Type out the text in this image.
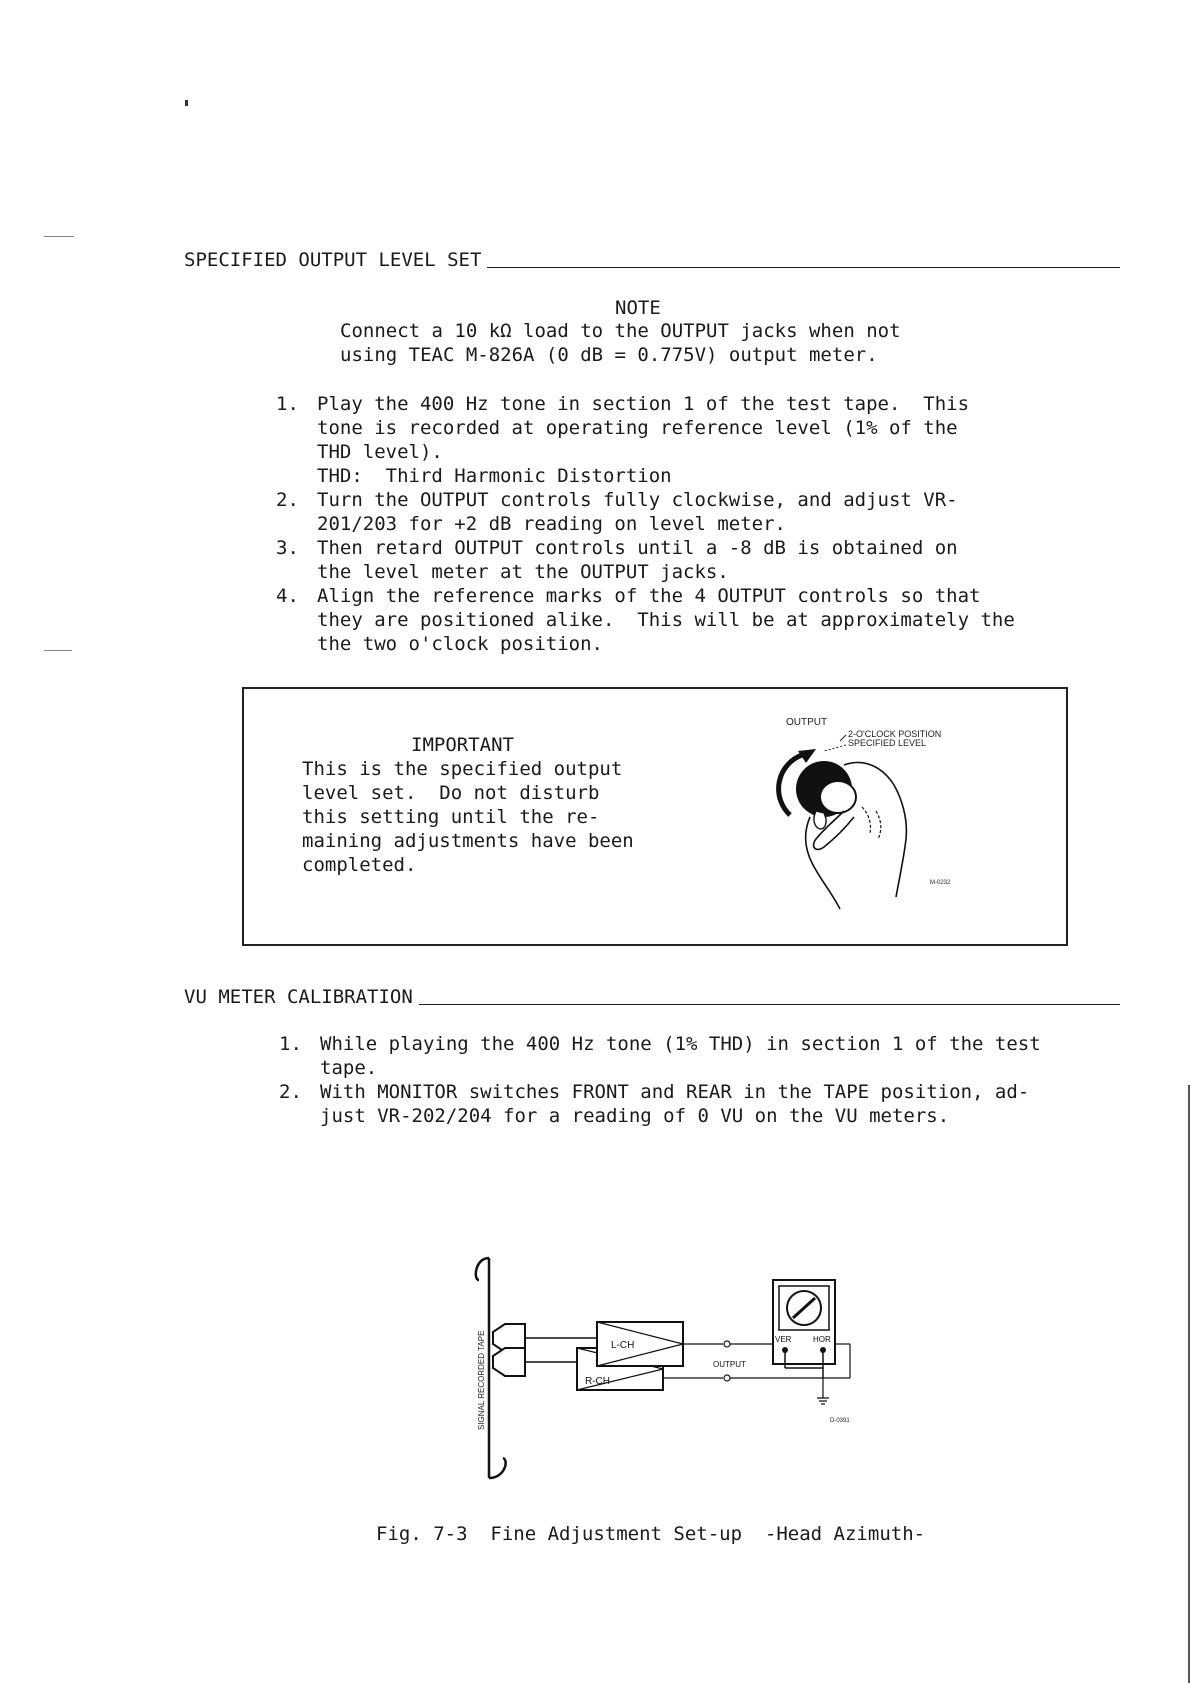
SPECIFIED OUTPUT LEVEL SET
NOTE
Connect a 10 kΩ load to the OUTPUT jacks when not
using TEAC M-826A (0 dB = 0.775V) output meter.
1. Play the 400 Hz tone in section 1 of the test tape.  This
tone is recorded at operating reference level (1% of the
THD level).
THD:  Third Harmonic Distortion
2. Turn the OUTPUT controls fully clockwise, and adjust VR-
201/203 for +2 dB reading on level meter.
3. Then retard OUTPUT controls until a -8 dB is obtained on
the level meter at the OUTPUT jacks.
4. Align the reference marks of the 4 OUTPUT controls so that
they are positioned alike.  This will be at approximately the
the two o'clock position.
IMPORTANT
This is the specified output
level set.  Do not disturb
this setting until the re-
maining adjustments have been
completed.
OUTPUT
2-O'CLOCK POSITION
SPECIFIED LEVEL
M-0232
VU METER CALIBRATION
1. While playing the 400 Hz tone (1% THD) in section 1 of the test
tape.
2. With MONITOR switches FRONT and REAR in the TAPE position, ad-
just VR-202/204 for a reading of 0 VU on the VU meters.
SIGNAL RECORDED TAPE	R-CH
L-CH
OUTPUT
VER	HOR
D-0391
Fig. 7-3  Fine Adjustment Set-up  -Head Azimuth-
